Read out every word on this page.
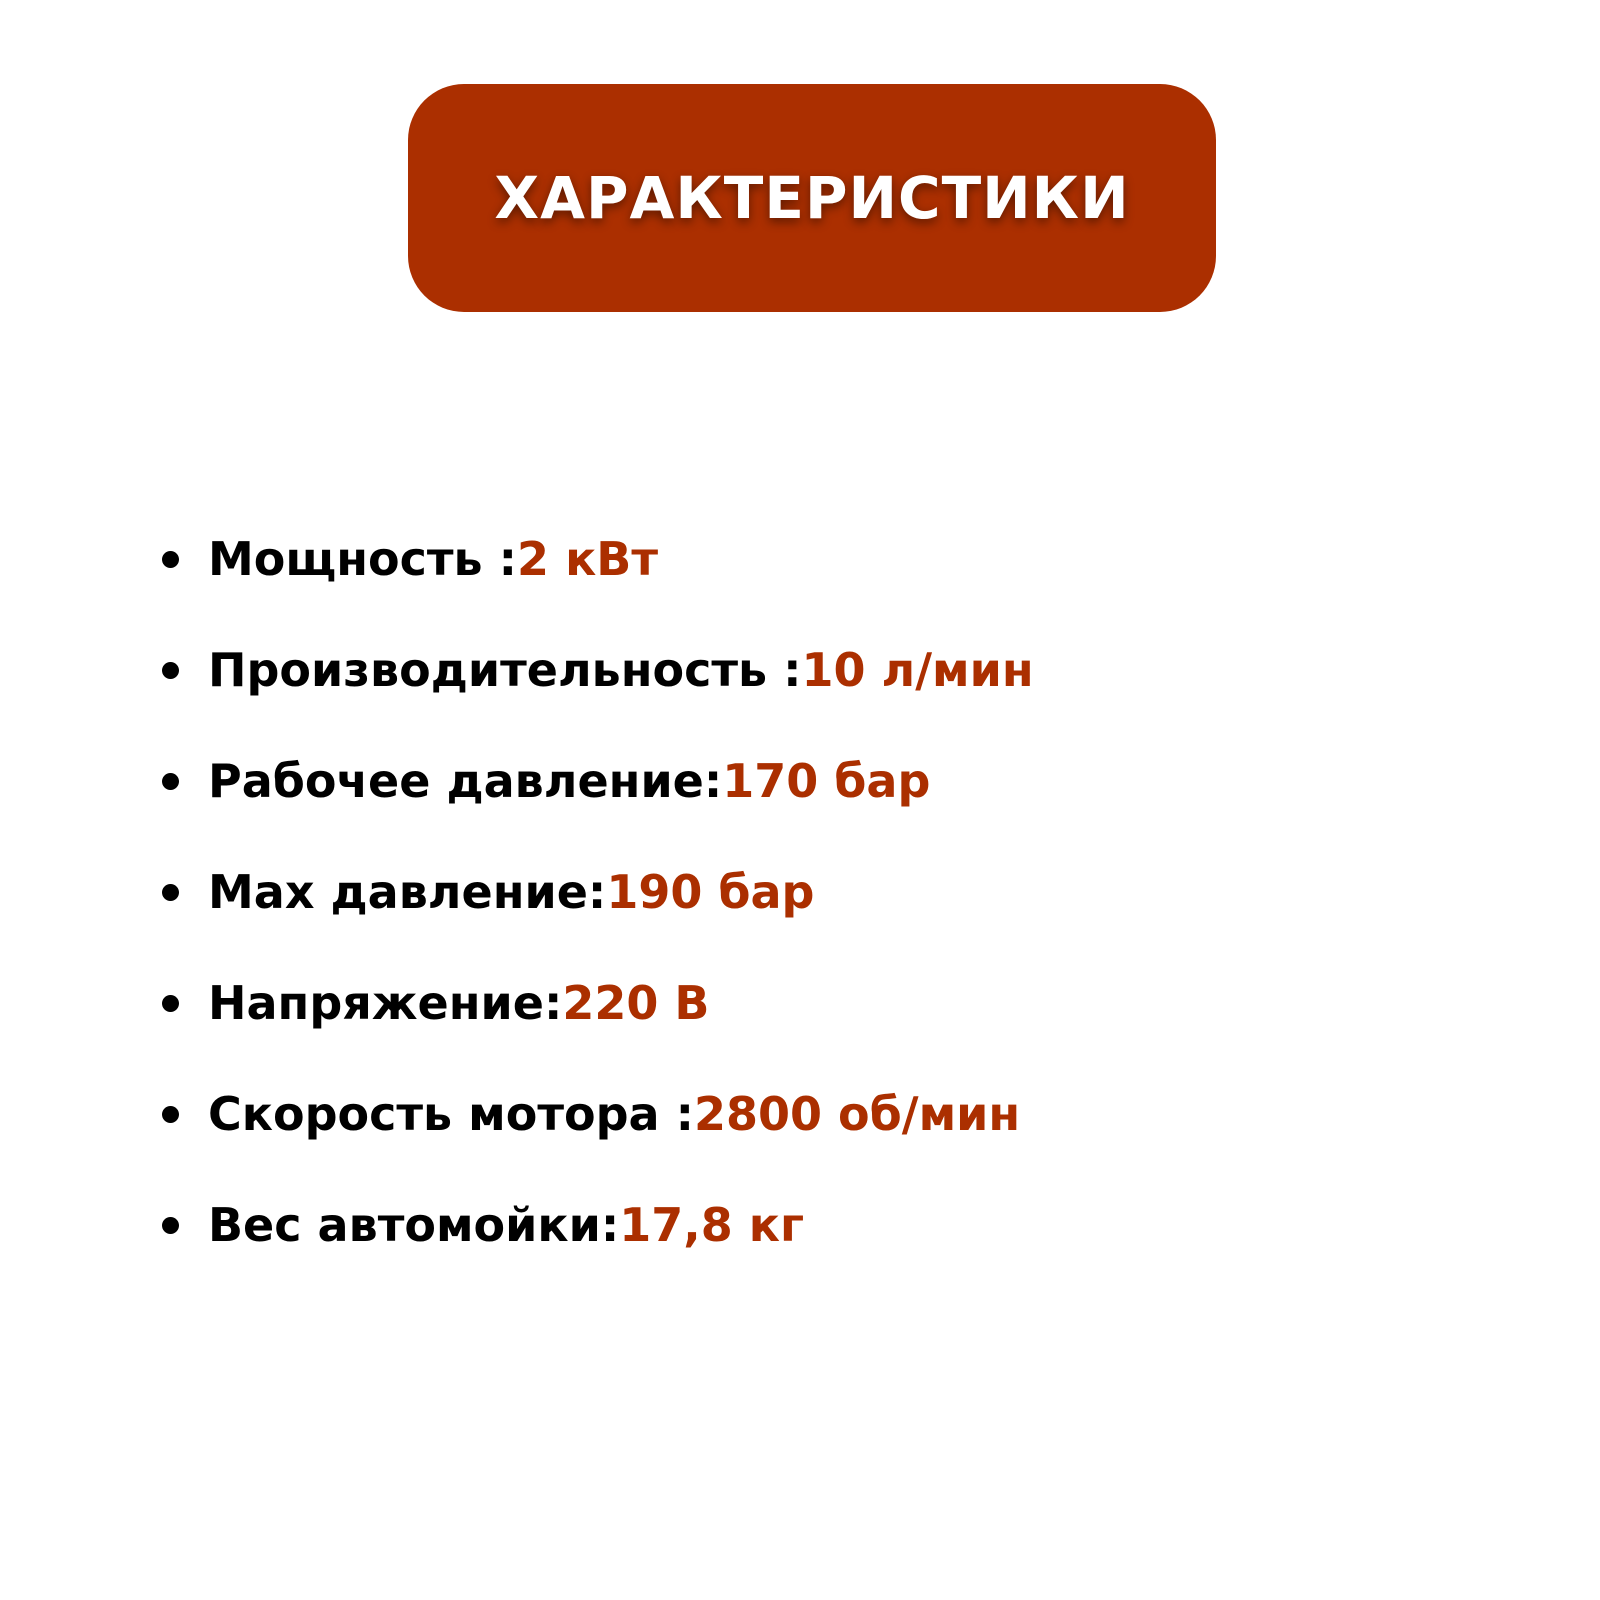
ХАРАКТЕРИСТИКИ
Мощность : 2 кВт
Производительность : 10 л/мин
Рабочее давление: 170 бар
Max давление: 190 бар
Напряжение: 220 В
Скорость мотора : 2800 об/мин
Вес автомойки: 17,8 кг
